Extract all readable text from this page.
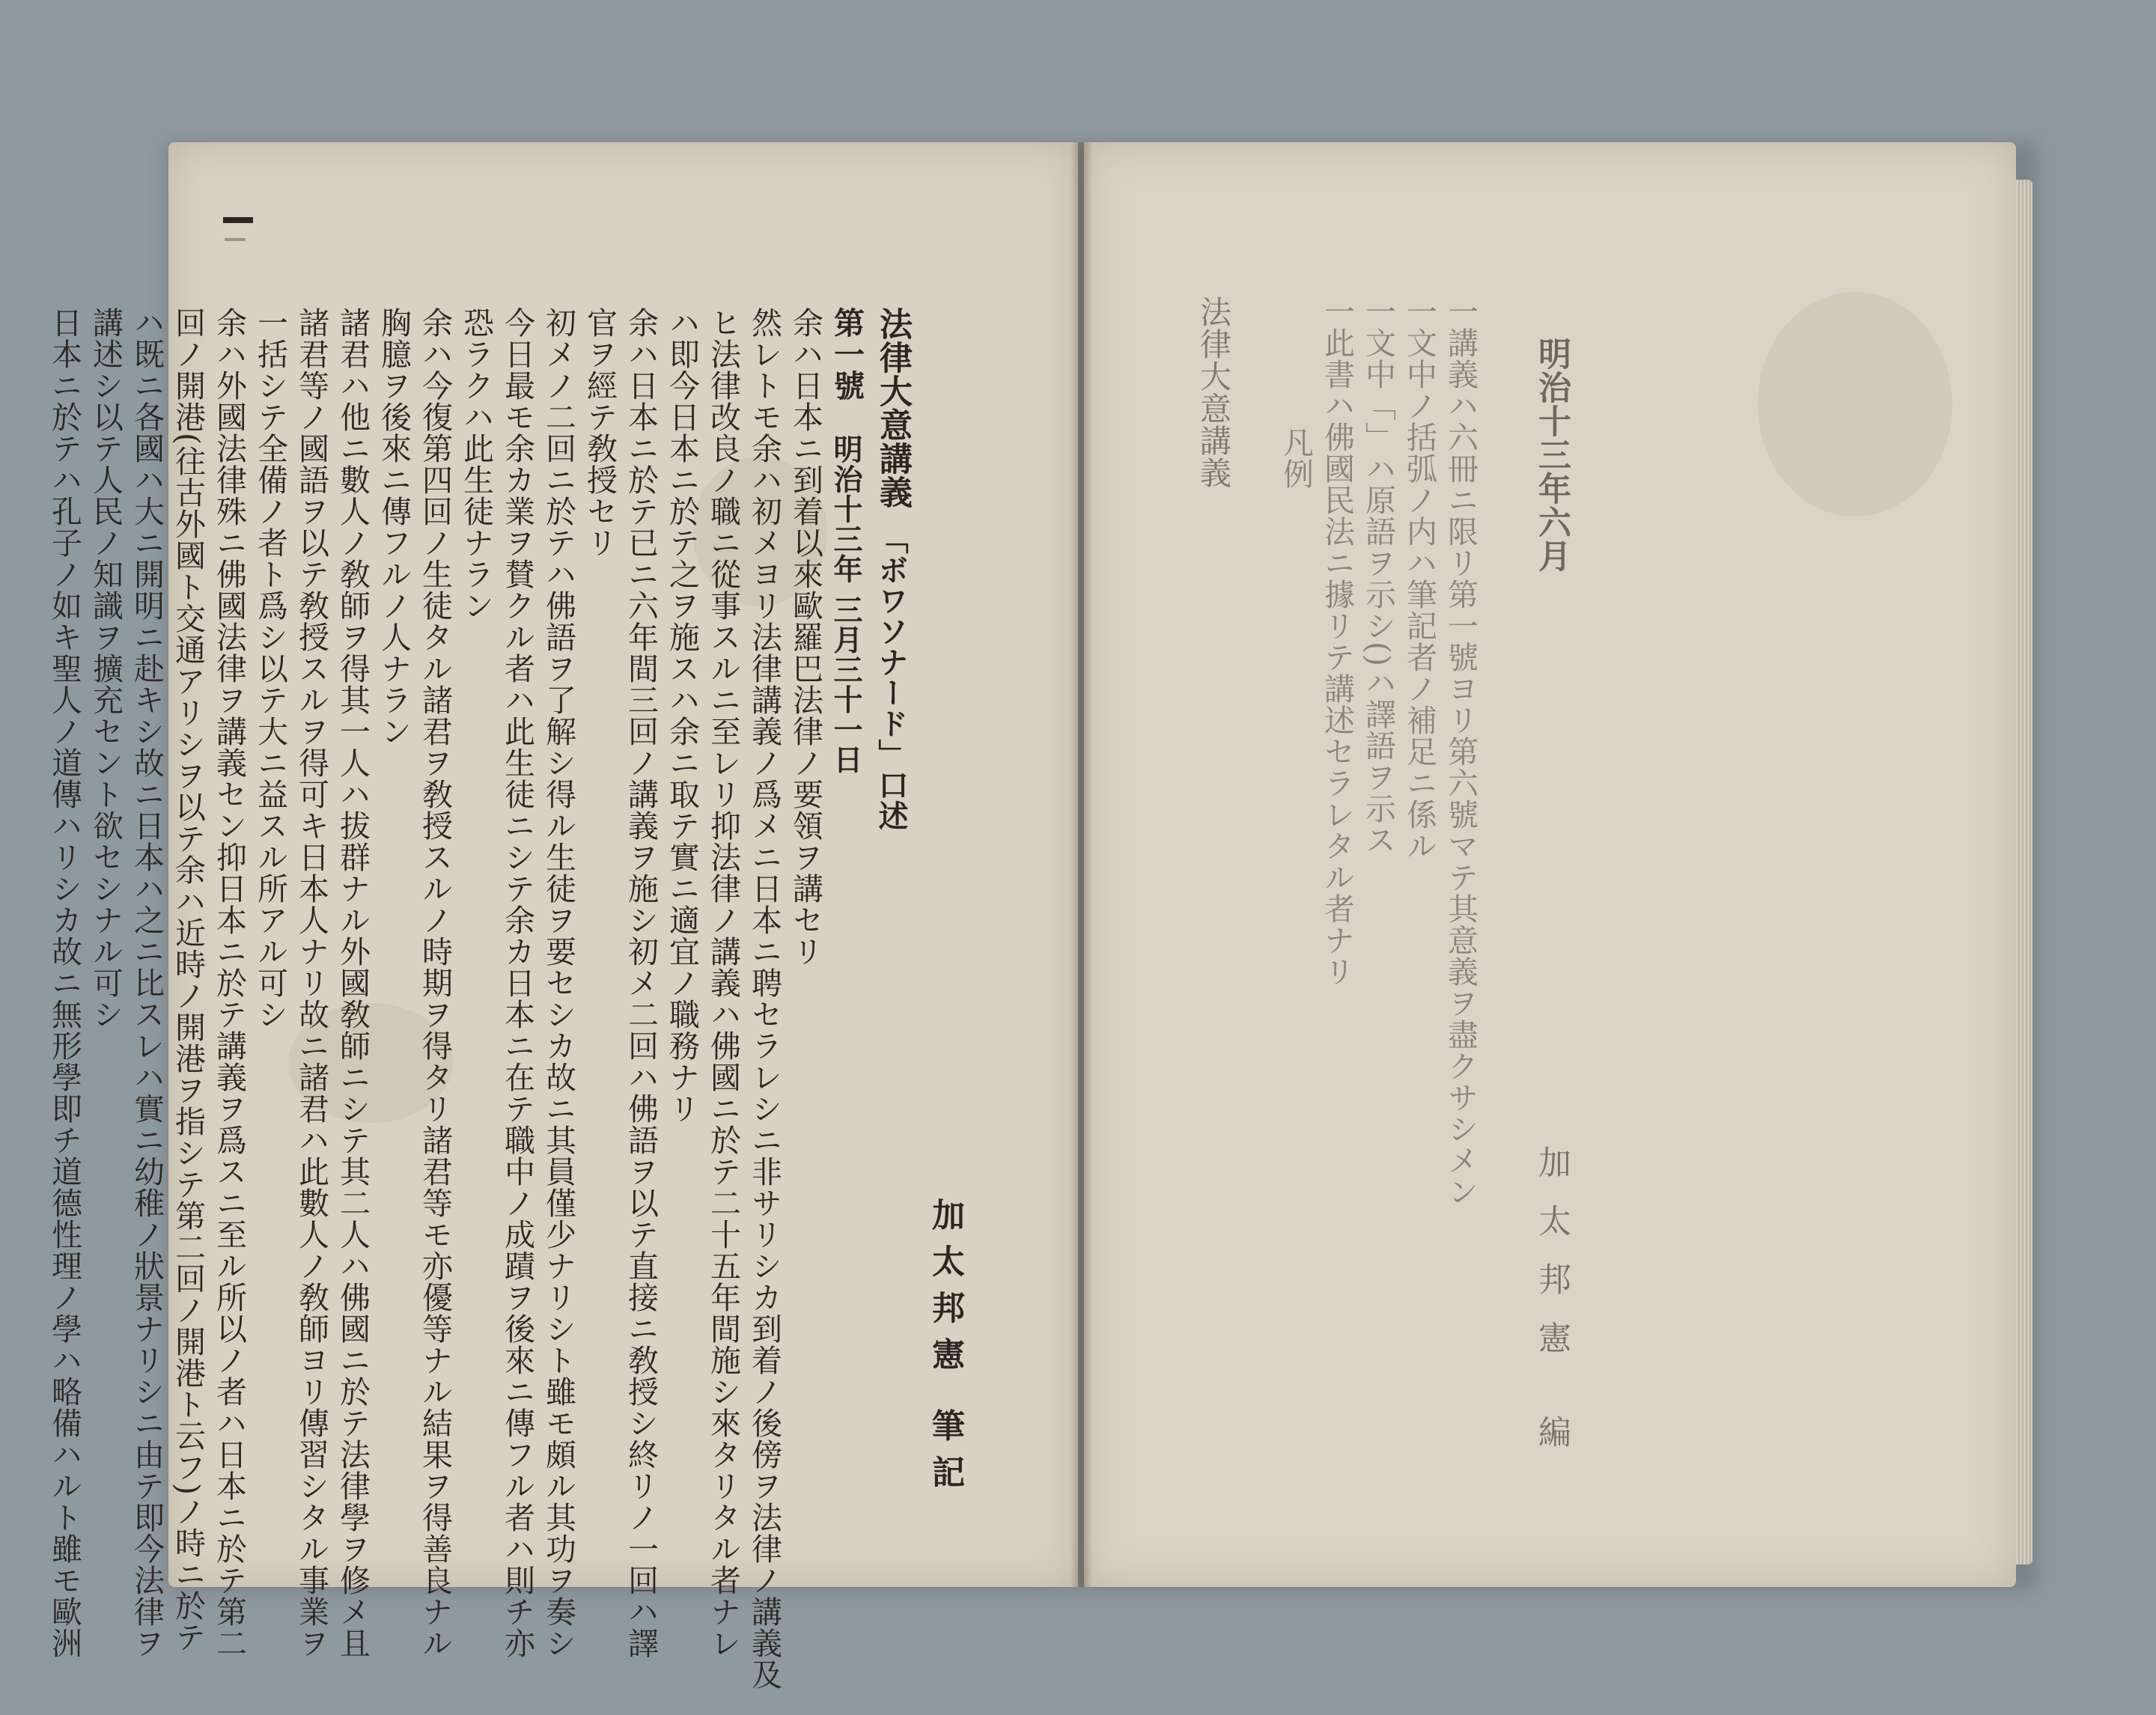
法律大意講義
「ボワソナード」口述
加太邦憲 筆記
第一號
明治十三年 三月三十一日
余ハ日本ニ到着以來歐羅巴法律ノ要領ヲ講セリ
然レトモ余ハ初メヨリ法律講義ノ爲メニ日本ニ聘セラレシニ非サリシカ到着ノ後傍ヲ法律ノ講義及
ヒ法律改良ノ職ニ從事スルニ至レリ抑法律ノ講義ハ佛國ニ於テ二十五年間施シ來タリタル者ナレ
ハ即今日本ニ於テ之ヲ施スハ余ニ取テ實ニ適宜ノ職務ナリ
余ハ日本ニ於テ已ニ六年間三回ノ講義ヲ施シ初メ二回ハ佛語ヲ以テ直接ニ敎授シ終リノ一回ハ譯
官ヲ經テ敎授セリ
初メノ二回ニ於テハ佛語ヲ了解シ得ル生徒ヲ要セシカ故ニ其員僅少ナリシト雖モ頗ル其功ヲ奏シ
今日最モ余カ業ヲ賛クル者ハ此生徒ニシテ余カ日本ニ在テ職中ノ成蹟ヲ後來ニ傳フル者ハ則チ亦
恐ラクハ此生徒ナラン
余ハ今復第四回ノ生徒タル諸君ヲ敎授スルノ時期ヲ得タリ諸君等モ亦優等ナル結果ヲ得善良ナル
胸臆ヲ後來ニ傳フルノ人ナラン
諸君ハ他ニ數人ノ敎師ヲ得其一人ハ拔群ナル外國敎師ニシテ其二人ハ佛國ニ於テ法律學ヲ修メ且
諸君等ノ國語ヲ以テ敎授スルヲ得可キ日本人ナリ故ニ諸君ハ此數人ノ敎師ヨリ傳習シタル事業ヲ
一括シテ全備ノ者ト爲シ以テ大ニ益スル所アル可シ
余ハ外國法律殊ニ佛國法律ヲ講義セン抑日本ニ於テ講義ヲ爲スニ至ル所以ノ者ハ日本ニ於テ第二
回ノ開港(往古外國ト交通アリシヲ以テ余ハ近時ノ開港ヲ指シテ第二回ノ開港ト云フ)ノ時ニ於テ
ハ既ニ各國ハ大ニ開明ニ赴キシ故ニ日本ハ之ニ比スレハ實ニ幼稚ノ狀景ナリシニ由テ即今法律ヲ
講述シ以テ人民ノ知識ヲ擴充セント欲セシナル可シ
日本ニ於テハ孔子ノ如キ聖人ノ道傳ハリシカ故ニ無形學即チ道德性理ノ學ハ略備ハルト雖モ歐洲	明治十三年六月
加太邦憲 編
一講義ハ六冊ニ限リ第一號ヨリ第六號マテ其意義ヲ盡クサシメン
一文中ノ括弧ノ内ハ筆記者ノ補足ニ係ル
一文中「」ハ原語ヲ示シ()ハ譯語ヲ示ス
一此書ハ佛國民法ニ據リテ講述セラレタル者ナリ
凡例
法律大意講義
